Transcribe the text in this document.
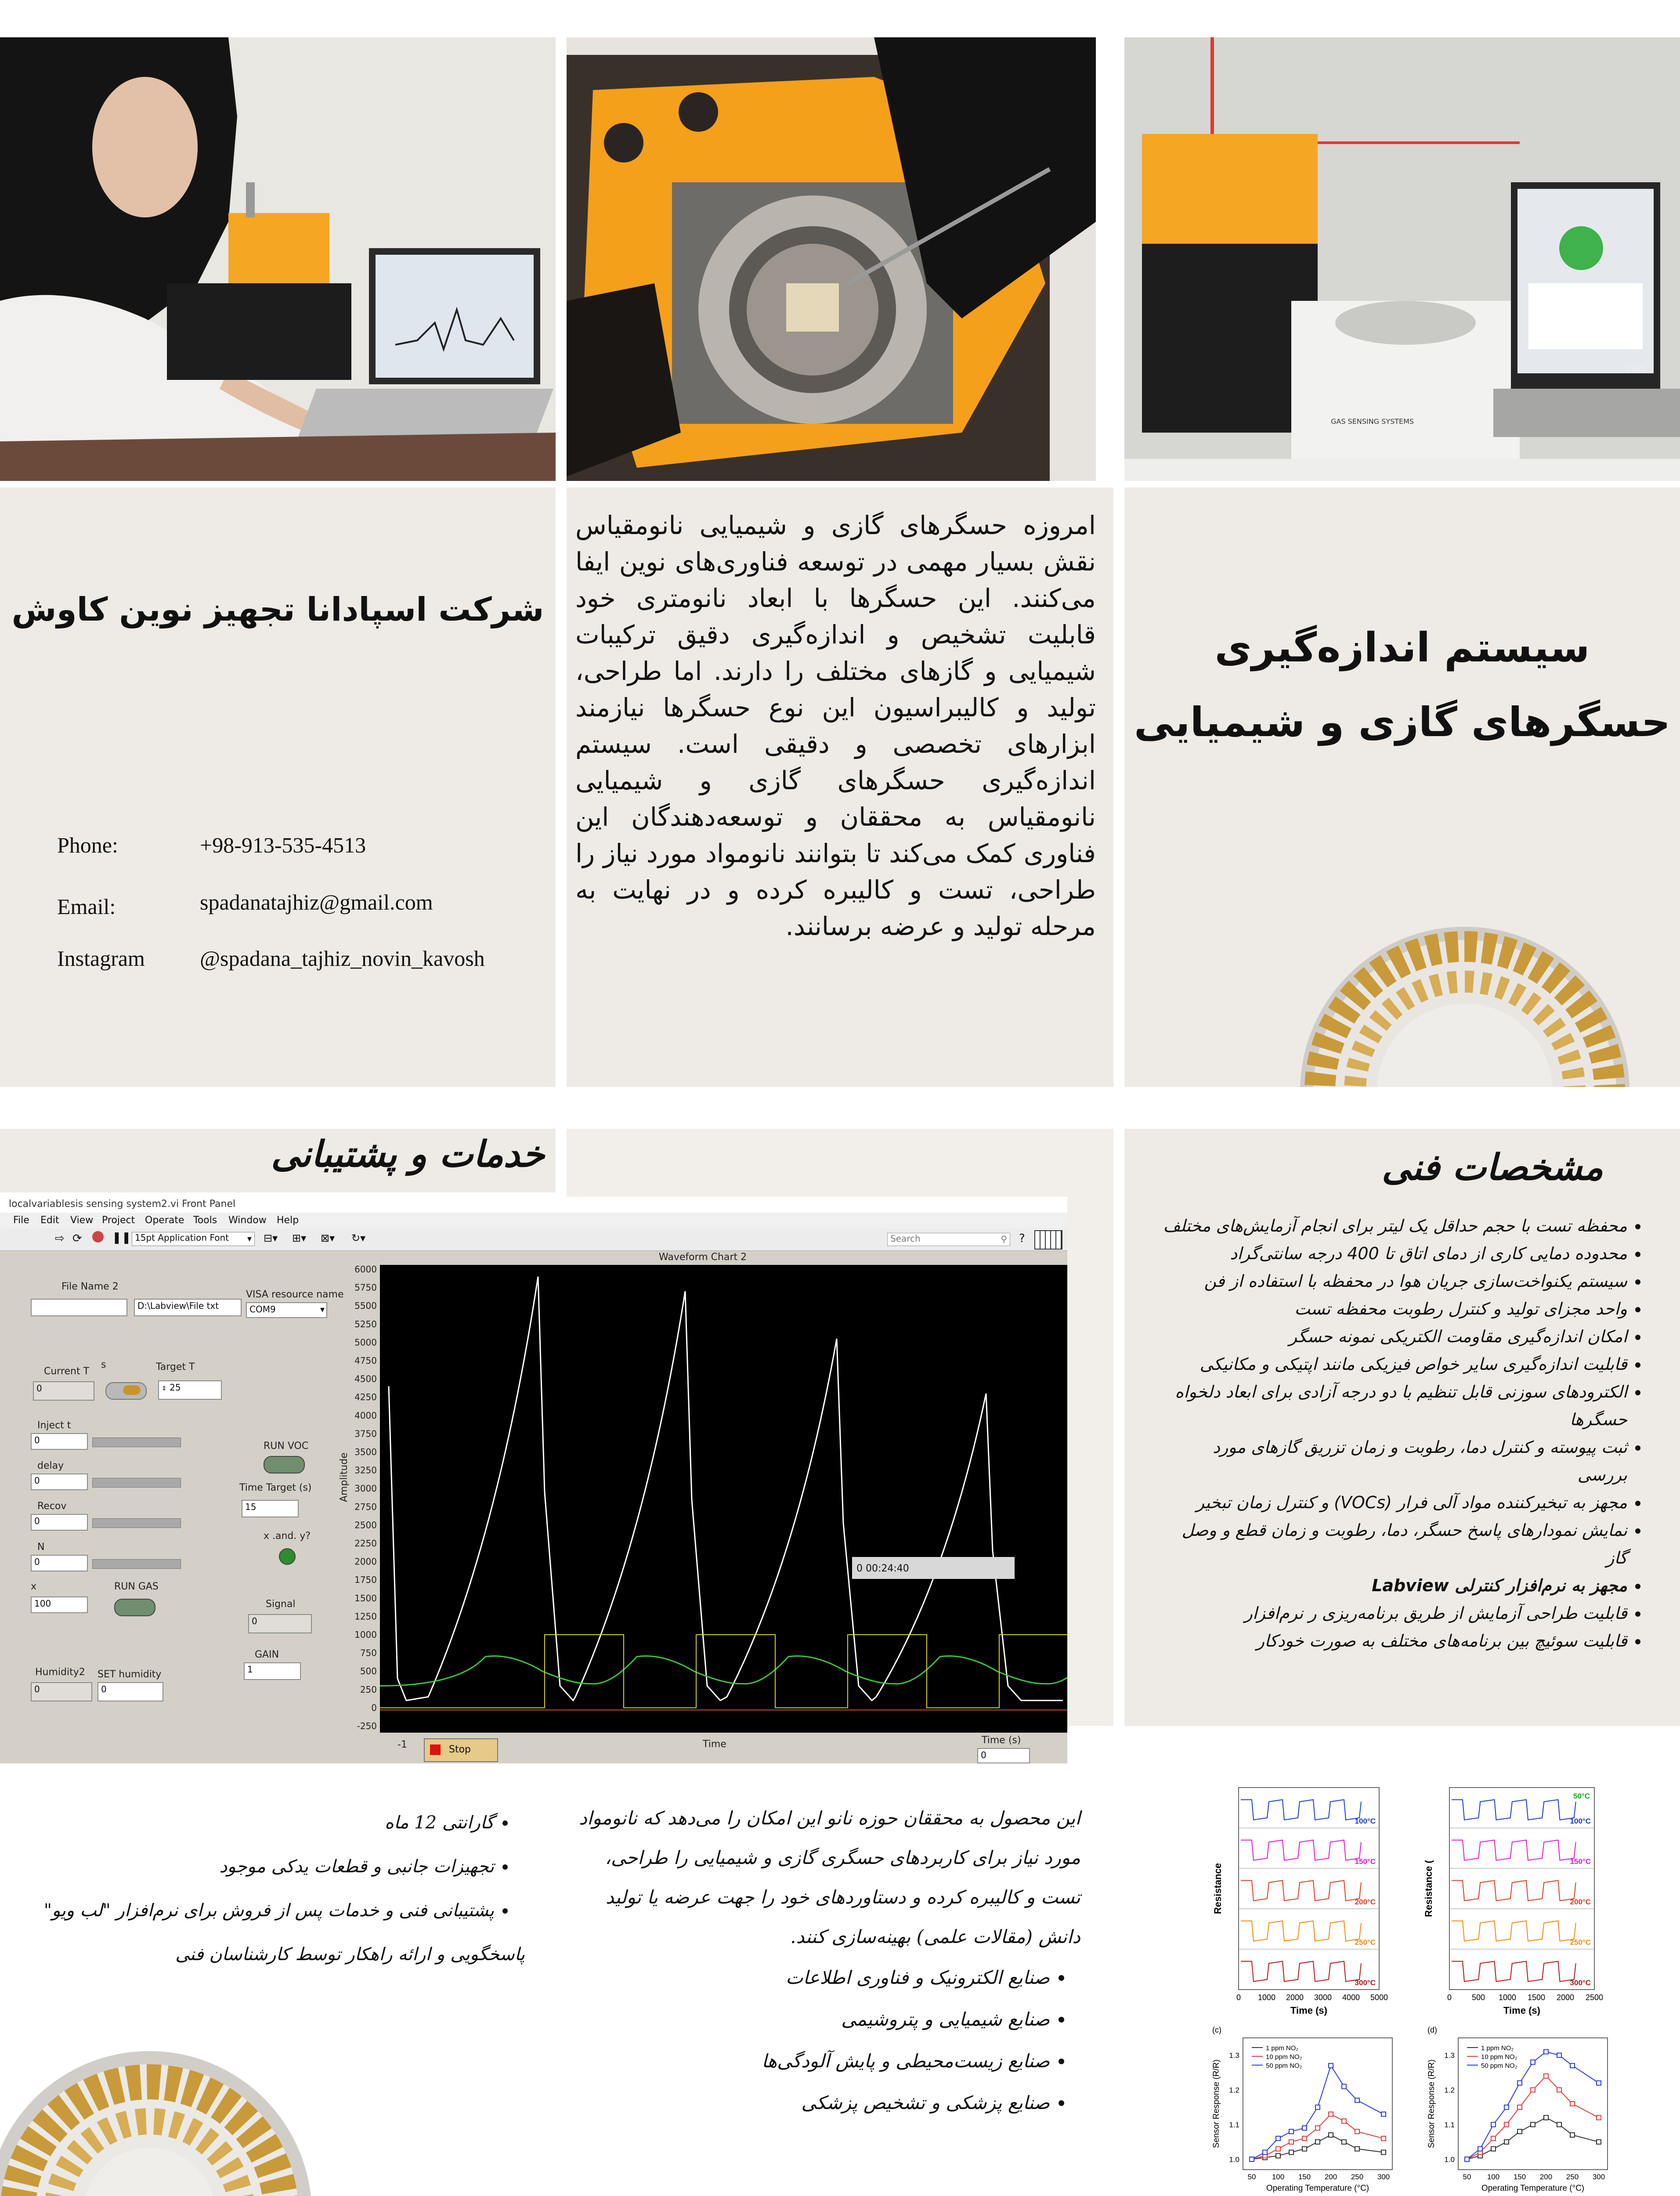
GAS SENSING SYSTEMS
ASUS
شرکت اسپادانا تجهیز نوین کاوش
Phone:	+98-913-535-4513
Email:	spadanatajhiz@gmail.com
Instagram	@spadana_tajhiz_novin_kavosh
امروزه حسگرهای گازی و شیمیایی نانومقیاس نقش بسیار مهمی در توسعه فناوری‌های نوین ایفا می‌کنند. این حسگرها با ابعاد نانومتری خود قابلیت تشخیص و اندازه‌گیری دقیق ترکیبات شیمیایی و گازهای مختلف را دارند. اما طراحی، تولید و کالیبراسیون این نوع حسگرها نیازمند ابزارهای تخصصی و دقیقی است. سیستم اندازه‌گیری حسگرهای گازی و شیمیایی نانومقیاس به محققان و توسعه‌دهندگان این فناوری کمک می‌کند تا بتوانند نانومواد مورد نیاز را طراحی، تست و کالیبره کرده و در نهایت به مرحله تولید و عرضه برسانند.
سیستم اندازه‌گیری
حسگرهای گازی و شیمیایی
خدمات و پشتیبانی	مشخصات فنی
• محفظه تست با حجم حداقل یک لیتر برای انجام آزمایش‌های مختلف
• محدوده دمایی کاری از دمای اتاق تا 400 درجه سانتی‌گراد
• سیستم یکنواخت‌سازی جریان هوا در محفظه با استفاده از فن
• واحد مجزای تولید و کنترل رطوبت محفظه تست
• امکان اندازه‌گیری مقاومت الکتریکی نمونه حسگر
• قابلیت اندازه‌گیری سایر خواص فیزیکی مانند اپتیکی و مکانیکی
• الکترودهای سوزنی قابل تنظیم با دو درجه آزادی برای ابعاد دلخواه حسگرها
• ثبت پیوسته و کنترل دما، رطوبت و زمان تزریق گازهای مورد بررسی
• مجهز به تبخیرکننده مواد آلی فرار (VOCs) و کنترل زمان تبخیر
• نمایش نمودارهای پاسخ حسگر، دما، رطوبت و زمان قطع و وصل گاز
• مجهز به نرم‌افزار کنترلی Labview
• قابلیت طراحی آزمایش از طریق برنامه‌ریزی ر نرم‌افزار
• قابلیت سوئیچ بین برنامه‌های مختلف به صورت خودکار
localvariablesis sensing system2.vi Front Panel
File Edit View Project Operate Tools Window Help
⇨ ⟳	❚❚ 15pt Application Font ▾ ⊟▾ ⊞▾ ⊠▾ ↻▾	Search	⚲ ?
File Name 2
D:\Labview\File txt
VISA resource name
COM9	▾
Current T
0
s	Target T
⇕ 25
Inject t
0
delay
0
Recov
0
N
0
x
100
RUN VOC
Time Target (s)
15
x .and. y?
RUN GAS
Signal
0
GAIN
1
Humidity2
0
SET humidity
0
Waveform Chart 2
6000
5750
5500
5250
5000
4750
4500
4250
4000
3750
3500
3250
3000
2750
2500
2250
2000
1750
1500
1250
1000
750
500
250
0
-250
Amplitude
0 00:24:40
Time
Stop
-1	Time (s)
0
• گارانتی 12 ماه
• تجهیزات جانبی و قطعات یدکی موجود
• پشتیبانی فنی و خدمات پس از فروش برای نرم‌افزار "لب ویو"
پاسخگویی و ارائه راهکار توسط کارشناسان فنی
این محصول به محققان حوزه نانو این امکان را می‌دهد که نانومواد مورد نیاز برای کاربردهای حسگری گازی و شیمیایی را طراحی، تست و کالیبره کرده و دستاوردهای خود را جهت عرضه یا تولید دانش (مقالات علمی) بهینه‌سازی کنند.
• صنایع الکترونیک و فناوری اطلاعات
• صنایع شیمیایی و پتروشیمی
• صنایع زیست‌محیطی و پایش آلودگی‌ها
• صنایع پزشکی و تشخیص پزشکی
Resistance
100°C
150°C
200°C
250°C
300°C
0 1000 2000 3000 4000 5000
Time (s)
Resistance (
100°C
150°C
200°C
250°C
300°C
0	500 1000 1500 2000 2500
Time (s)
50°C
(c)
Sensor Response (R/R)
1.0
1.1
1.2
1.3
50 100 150 200 250 300
Operating Temperature (°C)
1 ppm NO₂
10 ppm NO₂
50 ppm NO₂
(d)
Sensor Response (R/R)
1.0
1.1
1.2
1.3
50 100 150 200 250 300
Operating Temperature (°C)
1 ppm NO₂
10 ppm NO₂
50 ppm NO₂
